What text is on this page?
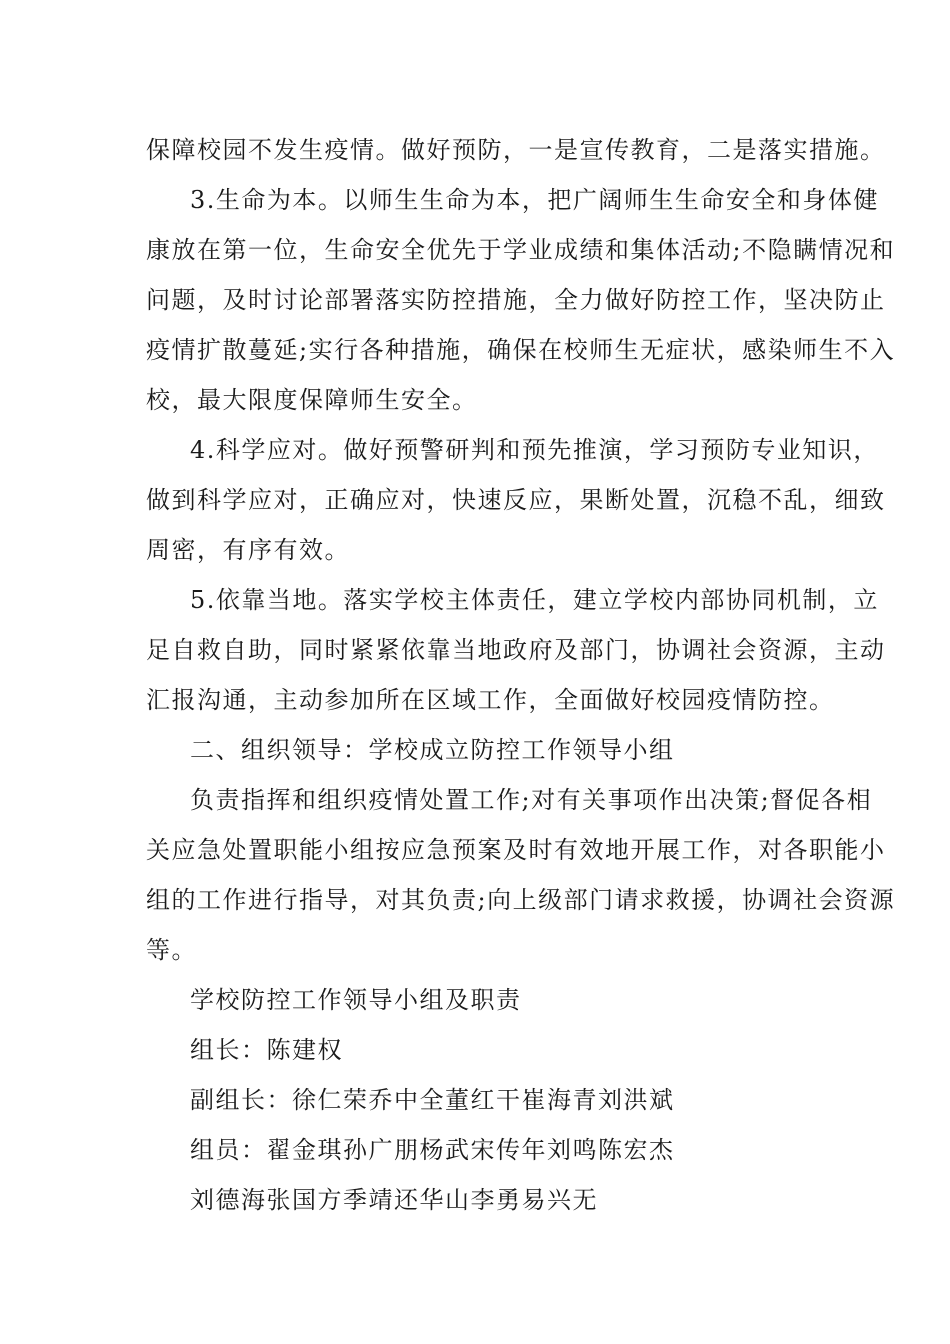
保障校园不发生疫情。做好预防，一是宣传教育，二是落实措施。
3.生命为本。以师生生命为本，把广阔师生生命安全和身体健
康放在第一位，生命安全优先于学业成绩和集体活动;不隐瞒情况和
问题，及时讨论部署落实防控措施，全力做好防控工作，坚决防止
疫情扩散蔓延;实行各种措施，确保在校师生无症状，感染师生不入
校，最大限度保障师生安全。
4.科学应对。做好预警研判和预先推演，学习预防专业知识，
做到科学应对，正确应对，快速反应，果断处置，沉稳不乱，细致
周密，有序有效。
5.依靠当地。落实学校主体责任，建立学校内部协同机制，立
足自救自助，同时紧紧依靠当地政府及部门，协调社会资源，主动
汇报沟通，主动参加所在区域工作，全面做好校园疫情防控。
二、组织领导：学校成立防控工作领导小组
负责指挥和组织疫情处置工作;对有关事项作出决策;督促各相
关应急处置职能小组按应急预案及时有效地开展工作，对各职能小
组的工作进行指导，对其负责;向上级部门请求救援，协调社会资源
等。
学校防控工作领导小组及职责
组长：陈建权
副组长：徐仁荣乔中全董红干崔海青刘洪斌
组员：翟金琪孙广朋杨武宋传年刘鸣陈宏杰
刘德海张国方季靖还华山李勇易兴无
